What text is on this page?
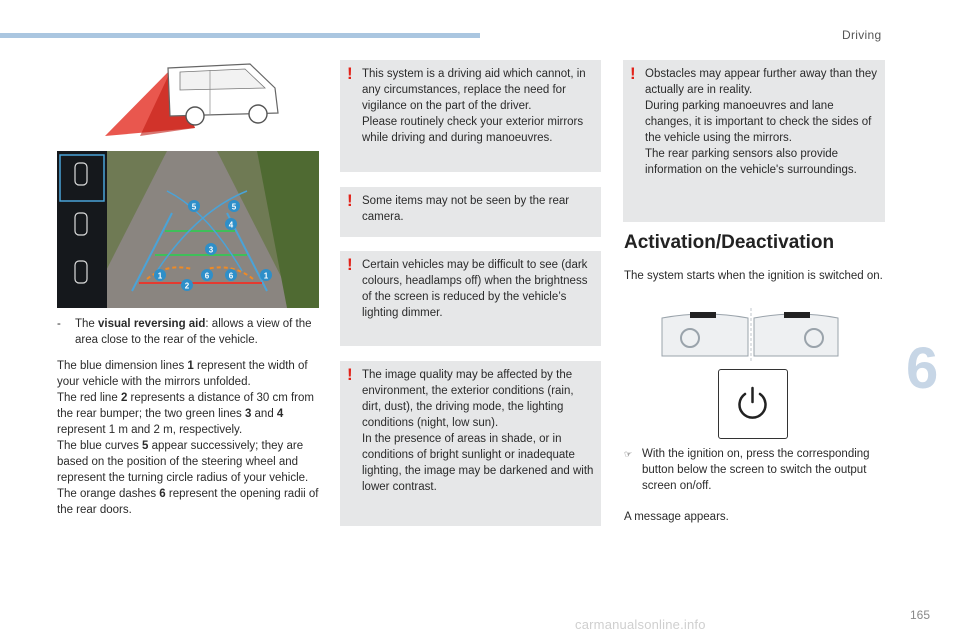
Driving
6
5	5
4
3
1	1
6 6
2
-	The visual reversing aid: allows a view of the area close to the rear of the vehicle.

The blue dimension lines 1 represent the width of your vehicle with the mirrors unfolded.

The red line 2 represents a distance of 30 cm from the rear bumper; the two green lines 3 and 4 represent 1 m and 2 m, respectively.

The blue curves 5 appear successively; they are based on the position of the steering wheel and represent the turning circle radius of your vehicle.

The orange dashes 6 represent the opening radii of the rear doors.

! This system is a driving aid which cannot, in any circumstances, replace the need for vigilance on the part of the driver.

Please routinely check your exterior mirrors while driving and during manoeuvres.

! Some items may not be seen by the rear camera.

! Certain vehicles may be difficult to see (dark colours, headlamps off) when the brightness of the screen is reduced by the vehicle’s lighting dimmer.

! The image quality may be affected by the environment, the exterior conditions (rain, dirt, dust), the driving mode, the lighting conditions (night, low sun).

In the presence of areas in shade, or in conditions of bright sunlight or inadequate lighting, the image may be darkened and with lower contrast.

! Obstacles may appear further away than they actually are in reality.

During parking manoeuvres and lane changes, it is important to check the sides of the vehicle using the mirrors.

The rear parking sensors also provide information on the vehicle's surroundings.

Activation/Deactivation
The system starts when the ignition is switched on.
☞ With the ignition on, press the corresponding button below the screen to switch the output screen on/off.
A message appears.
165
carmanualsonline.info
